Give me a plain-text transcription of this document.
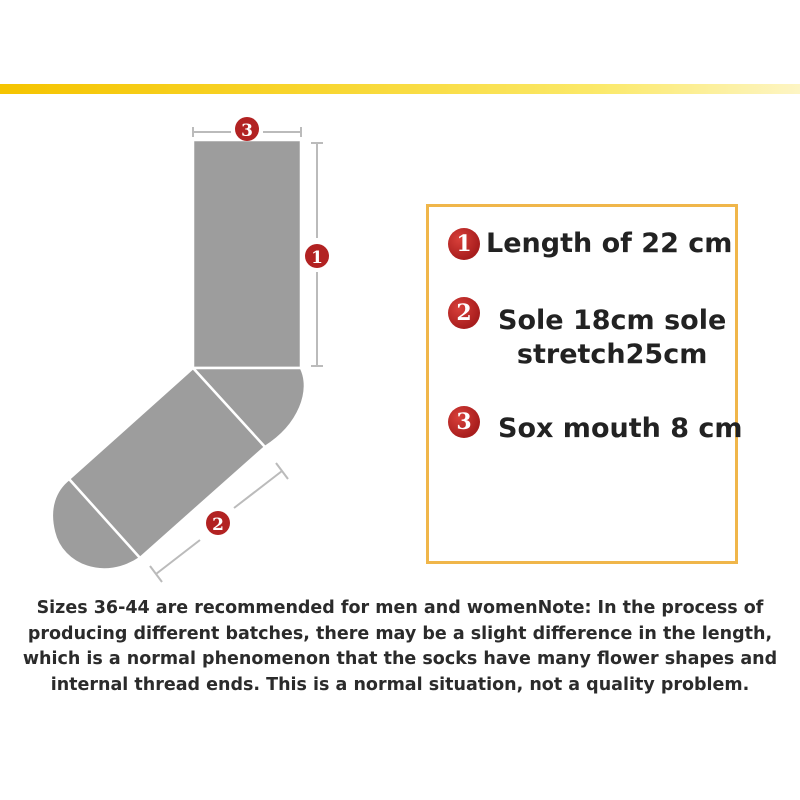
3
1
2
1 Length of 22 cm
2 Sole 18cm sole
stretch25cm
3 Sox mouth 8 cm
Sizes 36-44 are recommended for men and womenNote: In the process of producing different batches, there may be a slight difference in the length, which is a normal phenomenon that the socks have many flower shapes and internal thread ends. This is a normal situation, not a quality problem.
